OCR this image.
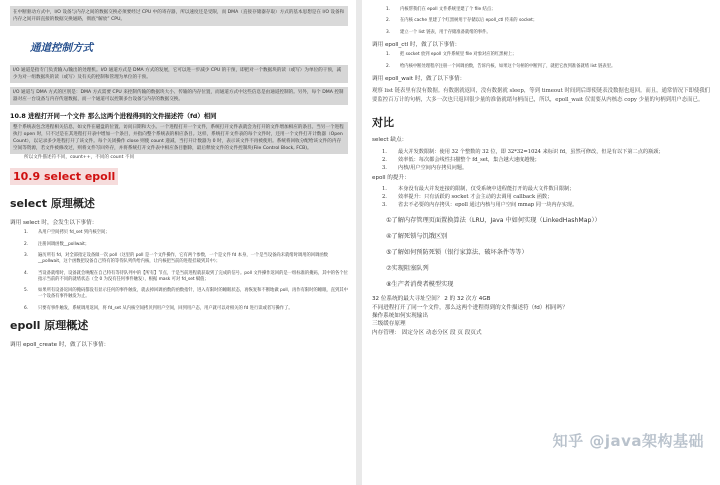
在中断驱动方式中，I/O 设备与内存之间的数据交换必须要经过 CPU 中的寄存器，所以速度还是受限，而 DMA（直接存储器存取）方式的基本思想是在 I/O 设备和内存之间开辟直接的数据交换通路，彻底“解放” CPU。
通道控制方式
I/O 通道是指专门负责输入/输出的处理机。I/O 通道方式是 DMA 方式的发展，它可以进一步减少 CPU 的干预，即把对一个数据块的读（或写）为单位的干预，减少为对一组数据块的读（或写）及有关的控制和管理为单位的干预。
I/O 通道与 DMA 方式的区别是：DMA 方式需要 CPU 来控制传输的数据块大小、传输的内存位置，而通道方式中这些信息是由通道控制的。另外，每个 DMA 控制器对应一台设备与内存传递数据，而一个通道可以控制多台设备与内存的数据交换。
10.8 进程打开同一个文件 那么这两个进程得到的文件描述符（fd）相同
整个系统表包含进程相关信息，如文件在磁盘的位置、访问日期和大小。一个进程打开一个文件，系统打开文件表就会为打开的文件增加相应的条目。当另一个进程执行 open 时，只不过是在其进程打开表中增加一个条目，并指向整个系统表的相应条目。这样，系统打开文件表的每个文件时，还用一个文件打开计数器（Open Count），以记录多少进程打开了该文件。每个关闭操作 close 则使 count 递减，当打开计数器为 0 时，表示该文件不再被使用。系统将回收分配给该文件的内存空间等资源，若文件被修改过，则将文件写回外存，并将系统打开文件表中相应条目删除，最后释放文件的文件控制块(File Control Block, FCB)。
所以文件描述符不同，count++，不同的 count 不同
10.9 select epoll
select 原理概述
调用 select 时，会发生以下事情：
1.	从用户空间拷贝 fd_set 到内核空间；
2.	注册回调函数__pollwait；
3.	遍历所有 fd，对全部指定设备做一次 poll（这里的 poll 是一个文件操作，它有两个参数，一个是文件 fd 本身，一个是当设备尚未就绪时调用的回调函数__pollwait，这个函数把设备自己特有的等待队列传给内核，让内核把当前的进程挂载到其中）；
4.	当设备就绪时，设备就会唤醒在自己特有等待队列中的【所有】节点，于是当前进程就获取到了完成的信号。poll 文件操作返回的是一组标准的掩码，其中的各个位指示当前的不同的就绪状态（全 0 为没有任何事件触发），根据 mask 可对 fd_set 赋值；
5.	如果所有设备返回的掩码都没有显示任何的事件触发，就去掉回调函数的函数指针，进入有限时的睡眠状态，再恢复和不断地做 poll，再作有限时的睡眠，直到其中一个设备有事件触发为止。
6.	只要有事件触发，系统调用返回，将 fd_set 从内核空间拷贝到用户空间，回到用户态，用户就可以对相关的 fd 进行读或者写操作了。
epoll 原理概述
调用 epoll_create 时，做了以下事情：
1.	内核帮我们在 epoll 文件系统里建了个 file 结点；
2.	在内核 cache 里建了个红黑树用于存储以后 epoll_ctl 传来的 socket；
3.	建立一个 list 链表，用于存储准备就绪的事件。
调用 epoll_ctl 时，做了以下事情：
1.	把 socket 放到 epoll 文件系统里 file 对象对应的红黑树上；
2.	给内核中断处理程序注册一个回调函数，告诉内核，如果这个句柄的中断到了，就把它放到准备就绪 list 链表里。
调用 epoll_wait 时，做了以下事情：
观察 list 链表里有没有数据。有数据就返回，没有数据就 sleep，等到 timeout 时间到后即使链表没数据也返回。而且，通常情况下即使我们要监控百万计的句柄，大多一次也只返回很少量的准备就绪句柄而已，所以，epoll_wait 仅需要从内核态 copy 少量的句柄到用户态而已。
对比
select 缺点：
1.	最大并发数限制：使用 32 个整数的 32 位，即 32*32=1024 来标识 fd，虽然可修改，但是有以下第二点的瓶颈；
2.	效率低：每次都会线性扫描整个 fd_set，集合越大速度越慢；
3.	内核/用户空间内存拷贝问题。
epoll 的提升：
1.	本身没有最大并发连接的限制，仅受系统中进程能打开的最大文件数目限制；
2.	效率提升：只有活跃的 socket 才会主动的去调用 callback 函数；
3.	省去不必要的内存拷贝：epoll 通过内核与用户空间 mmap 同一块内存实现。
①了解内存管理页面置换算法（LRU，Java 中如何实现（LinkedHashMap））
④了解死锁与饥饿区别
⑤了解如何预防死锁（银行家算法、破坏条件等等）
⑦实现阻塞队列
⑧生产者消费者模型实现
32 位系统的最大寻址空间？ 2 的 32 次方 4GB
不同进程打开了同一个文件，那么这两个进程得到的文件描述符（fd）相同吗？
操作系统如何实现输出
三级缓存原理
内存管理： 固定分区 动态分区 段 页 段页式
知乎 @java架构基础
